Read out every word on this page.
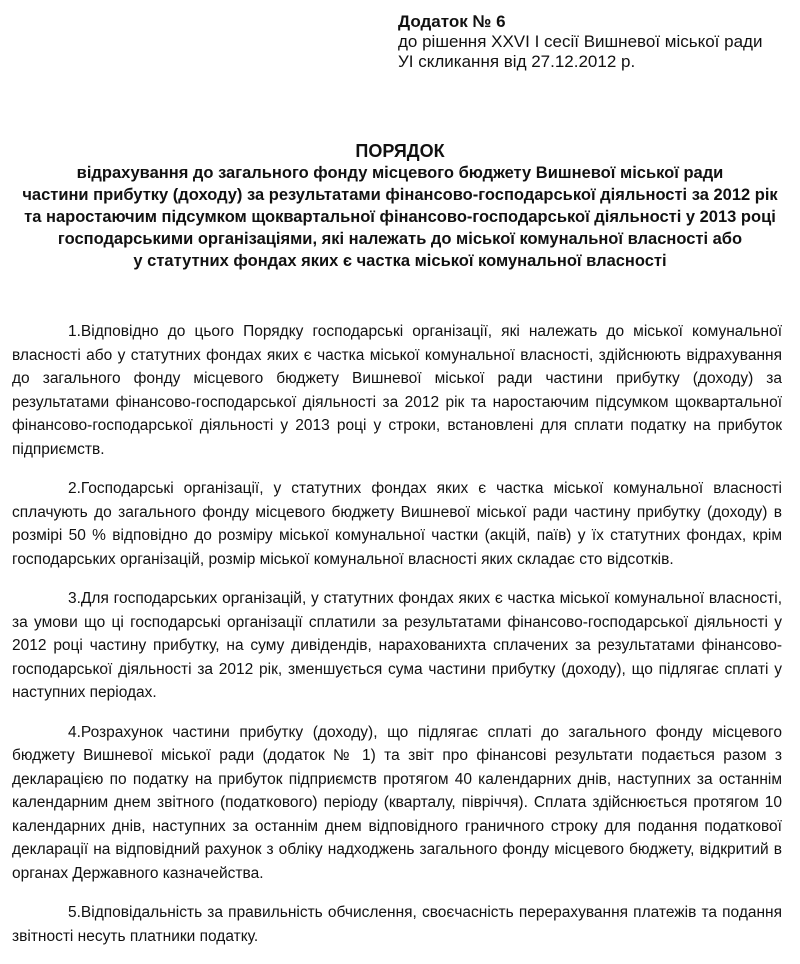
Додаток № 6
до рішення XXVI I сесії Вишневої міської ради
УІ скликання від 27.12.2012 р.
ПОРЯДОК
відрахування до загального фонду місцевого бюджету Вишневої міської ради
частини прибутку (доходу) за результатами фінансово-господарської діяльності за 2012 рік
та наростаючим підсумком щоквартальної фінансово-господарської діяльності у 2013 році
господарськими організаціями, які належать до міської комунальної власності або
у статутних фондах яких є частка міської комунальної власності

1.Відповідно до цього Порядку господарські організації, які належать до міської комунальної власності або у статутних фондах яких є частка міської комунальної власності, здійснюють відрахування до загального фонду місцевого бюджету Вишневої міської ради частини прибутку (доходу) за результатами фінансово-господарської діяльності за 2012 рік та наростаючим підсумком щоквартальної фінансово-господарської діяльності у 2013 році у строки, встановлені для сплати податку на прибуток підприємств.

2.Господарські організації, у статутних фондах яких є частка міської комунальної власності сплачують до загального фонду місцевого бюджету Вишневої міської ради частину прибутку (доходу) в розмірі 50 % відповідно до розміру міської комунальної частки (акцій, паїв) у їх статутних фондах, крім господарських організацій, розмір міської комунальної власності яких складає сто відсотків.

3.Для господарських організацій, у статутних фондах яких є частка міської комунальної власності, за умови що ці господарські організації сплатили за результатами фінансово-господарської діяльності у 2012 році частину прибутку, на суму дивідендів, нарахованихта сплачених за результатами фінансово-господарської діяльності за 2012 рік, зменшується сума частини прибутку (доходу), що підлягає сплаті у наступних періодах.

4.Розрахунок частини прибутку (доходу), що підлягає сплаті до загального фонду місцевого бюджету Вишневої міської ради (додаток № 1) та звіт про фінансові результати подається разом з декларацією по податку на прибуток підприємств протягом 40 календарних днів, наступних за останнім календарним днем звітного (податкового) періоду (кварталу, півріччя). Сплата здійснюється протягом 10 календарних днів, наступних за останнім днем відповідного граничного строку для подання податкової декларації на відповідний рахунок з обліку надходжень загального фонду місцевого бюджету, відкритий в органах Державного казначейства.

5.Відповідальність за правильність обчислення, своєчасність перерахування платежів та подання звітності несуть платники податку.
